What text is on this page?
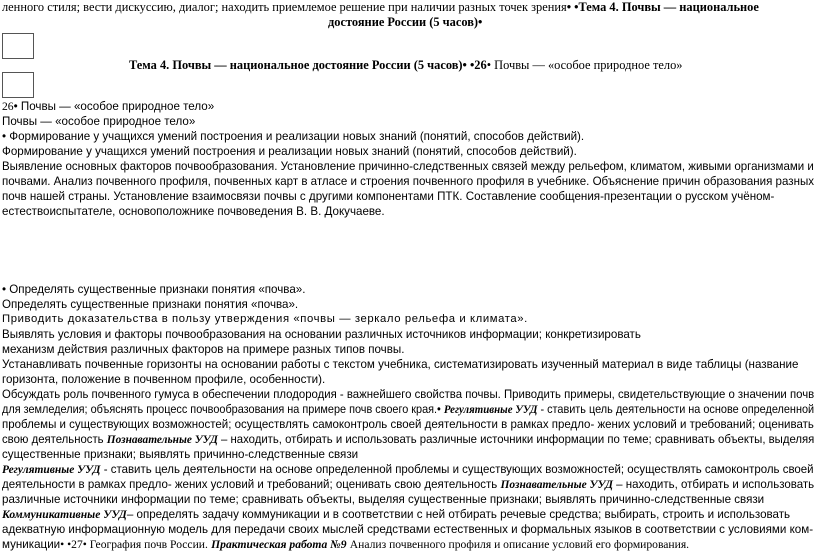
ленного стиля; вести дискуссию, диалог; находить приемлемое решение при наличии разных точек зрения• •Тема 4. Почвы — национальное
достояние России (5 часов)•
Тема 4. Почвы — национальное достояние России (5 часов)• •26• Почвы — «особое природное тело»
26• Почвы — «особое природное тело»
Почвы — «особое природное тело»
• Формирование у учащихся умений построения и реализации новых знаний (понятий, способов действий).
Формирование у учащихся умений построения и реализации новых знаний (понятий, способов действий).
Выявление основных факторов почвообразования. Установление причинно-следственных связей между рельефом, климатом, живыми организмами и
почвами. Анализ почвенного профиля, почвенных карт в атласе и строения почвенного профиля в учебнике. Объяснение причин образования разных
почв нашей страны. Установление взаимосвязи почвы с другими компонентами ПТК. Составление сообщения-презентации о русском учёном-
естествоиспытателе, основоположнике почвоведения В. В. Докучаеве.
• Определять существенные признаки понятия «почва».
Определять существенные признаки понятия «почва».
Приводить доказательства в пользу утверждения «почвы — зеркало рельефа и климата».
Выявлять условия и факторы почвообразования на основании различных источников информации; конкретизировать
механизм действия различных факторов на примере разных типов почвы.
Устанавливать почвенные горизонты на основании работы с текстом учебника, систематизировать изученный материал в виде таблицы (название
горизонта, положение в почвенном профиле, особенности).
Обсуждать роль почвенного гумуса в обеспечении плодородия - важнейшего свойства почвы. Приводить примеры, свидетельствующие о значении почв
для земледелия; объяснять процесс почвообразования на примере почв своего края.• Регулятивные УУД - ставить цель деятельности на основе определенной
проблемы и существующих возможностей; осуществлять самоконтроль своей деятельности в рамках предло- жених условий и требований; оценивать
свою деятельность Познавательные УУД – находить, отбирать и использовать различные источники информации по теме; сравнивать объекты, выделяя
существенные признаки; выявлять причинно-следственные связи
Регулятивные УУД - ставить цель деятельности на основе определенной проблемы и существующих возможностей; осуществлять самоконтроль своей
деятельности в рамках предло- жених условий и требований; оценивать свою деятельность Познавательные УУД – находить, отбирать и использовать
различные источники информации по теме; сравнивать объекты, выделяя существенные признаки; выявлять причинно-следственные связи
Коммуникативные УУД– определять задачу коммуникации и в соответствии с ней отбирать речевые средства; выбирать, строить и использовать
адекватную информационную модель для передачи своих мыслей средствами естественных и формальных языков в соответствии с условиями ком-
муникации• •27• География почв России. Практическая работа №9 Анализ почвенного профиля и описание условий его формирования.
